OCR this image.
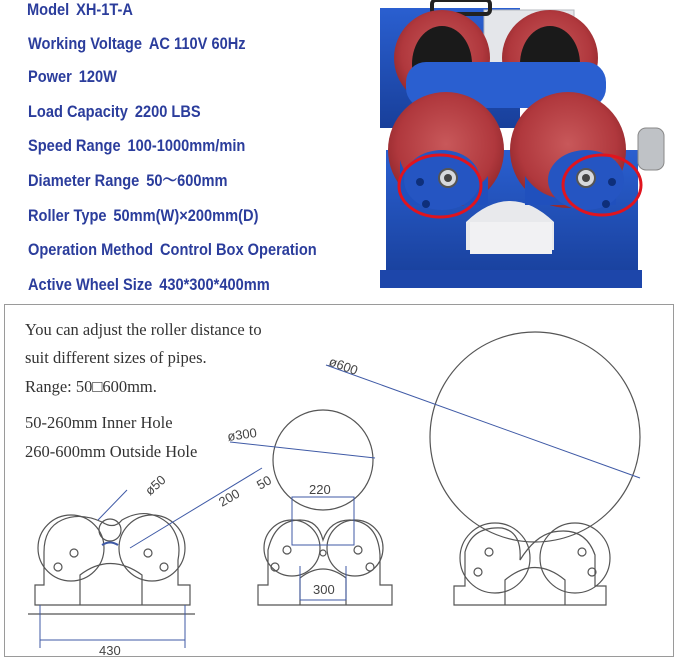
Model XH-1T-A
Working Voltage AC 110V 60Hz
Power 120W
Load Capacity 2200 LBS
Speed Range 100-1000mm/min
Diameter Range 50～600mm
Roller Type 50mm(W)×200mm(D)
Operation Method Control Box Operation
Active Wheel Size 430*300*400mm
You can adjust the roller distance to
suit different sizes of pipes.
Range: 50□600mm.
50-260mm Inner Hole
260-600mm Outside Hole
ø600
ø300
ø50	200
50	220
300
430
